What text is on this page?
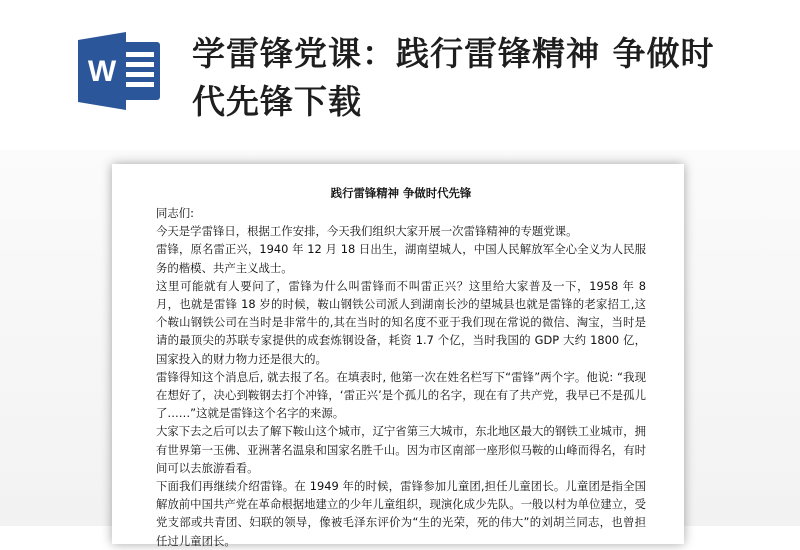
W 学雷锋党课：践行雷锋精神 争做时代先锋下载
践行雷锋精神 争做时代先锋

同志们:

今天是学雷锋日，根据工作安排，今天我们组织大家开展一次雷锋精神的专题党课。

雷锋，原名雷正兴，1940 年 12 月 18 日出生，湖南望城人，中国人民解放军全心全义为人民服务的楷模、共产主义战士。

这里可能就有人要问了，雷锋为什么叫雷锋而不叫雷正兴？这里给大家普及一下，1958 年 8 月，也就是雷锋 18 岁的时候，鞍山钢铁公司派人到湖南长沙的望城县也就是雷锋的老家招工,这个鞍山钢铁公司在当时是非常牛的,其在当时的知名度不亚于我们现在常说的微信、淘宝，当时是请的最顶尖的苏联专家提供的成套炼钢设备，耗资 1.7 个亿，当时我国的 GDP 大约 1800 亿，国家投入的财力物力还是很大的。

雷锋得知这个消息后, 就去报了名。在填表时, 他第一次在姓名栏写下“雷锋”两个字。他说: “我现在想好了，决心到鞍钢去打个冲锋，‘雷正兴’是个孤儿的名字，现在有了共产党，我早已不是孤儿了……”这就是雷锋这个名字的来源。

大家下去之后可以去了解下鞍山这个城市，辽宁省第三大城市，东北地区最大的钢铁工业城市，拥有世界第一玉佛、亚洲著名温泉和国家名胜千山。因为市区南部一座形似马鞍的山峰而得名，有时间可以去旅游看看。

下面我们再继续介绍雷锋。在 1949 年的时候，雷锋参加儿童团,担任儿童团长。儿童团是指全国解放前中国共产党在革命根据地建立的少年儿童组织，现演化成少先队。一般以村为单位建立，受党支部或共青团、妇联的领导，像被毛泽东评价为“生的光荣，死的伟大”的刘胡兰同志，也曾担任过儿童团长。
